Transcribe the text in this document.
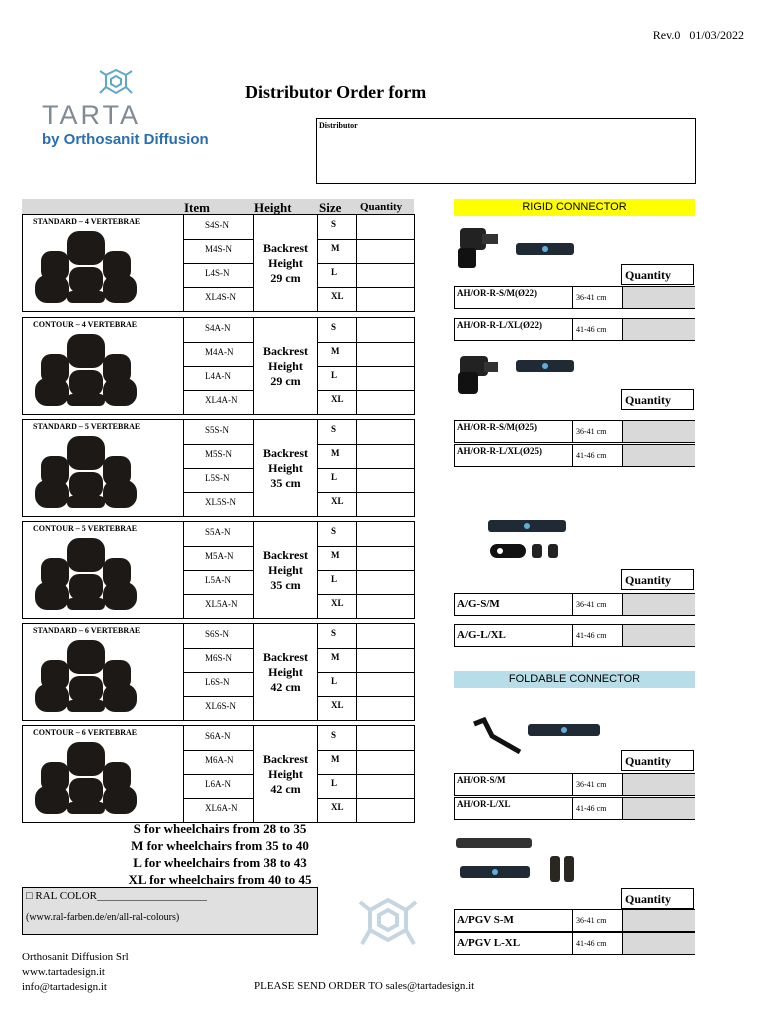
Rev.0 01/03/2022
TARTA
by Orthosanit Diffusion
Distributor Order form
Distributor
Item	Height Size Quantity
STANDARD – 4 VERTEBRAE	S4S-N	S
M4S-N	M
L4S-N	L
XL4S-N	XL
Backrest
Height
29 cm
CONTOUR – 4 VERTEBRAE	S4A-N	S
M4A-N	M
L4A-N	L
XL4A-N	XL
Backrest
Height
29 cm
STANDARD – 5 VERTEBRAE	S5S-N	S
M5S-N	M
L5S-N	L
XL5S-N	XL
Backrest
Height
35 cm
CONTOUR – 5 VERTEBRAE	S5A-N	S
M5A-N	M
L5A-N	L
XL5A-N	XL
Backrest
Height
35 cm
STANDARD – 6 VERTEBRAE	S6S-N	S
M6S-N	M
L6S-N	L
XL6S-N	XL
Backrest
Height
42 cm
CONTOUR – 6 VERTEBRAE	S6A-N	S
M6A-N	M
L6A-N	L
XL6A-N	XL
Backrest
Height
42 cm
S for wheelchairs from 28 to 35
M for wheelchairs from 35 to 40
L for wheelchairs from 38 to 43
XL for wheelchairs from 40 to 45
□ RAL COLOR____________________
(www.ral-farben.de/en/all-ral-colours)
Orthosanit Diffusion Srl
www.tartadesign.it
info@tartadesign.it	PLEASE SEND ORDER TO sales@tartadesign.it
RIGID CONNECTOR
FOLDABLE CONNECTOR
Quantity
AH/OR-R-S/M(Ø22)	36-41 cm
AH/OR-R-L/XL(Ø22)	41-46 cm
Quantity
AH/OR-R-S/M(Ø25)	36-41 cm
AH/OR-R-L/XL(Ø25)	41-46 cm
Quantity
A/G-S/M	36-41 cm
A/G-L/XL	41-46 cm
Quantity
AH/OR-S/M	36-41 cm
AH/OR-L/XL	41-46 cm
Quantity
A/PGV S-M	36-41 cm
A/PGV L-XL	41-46 cm
